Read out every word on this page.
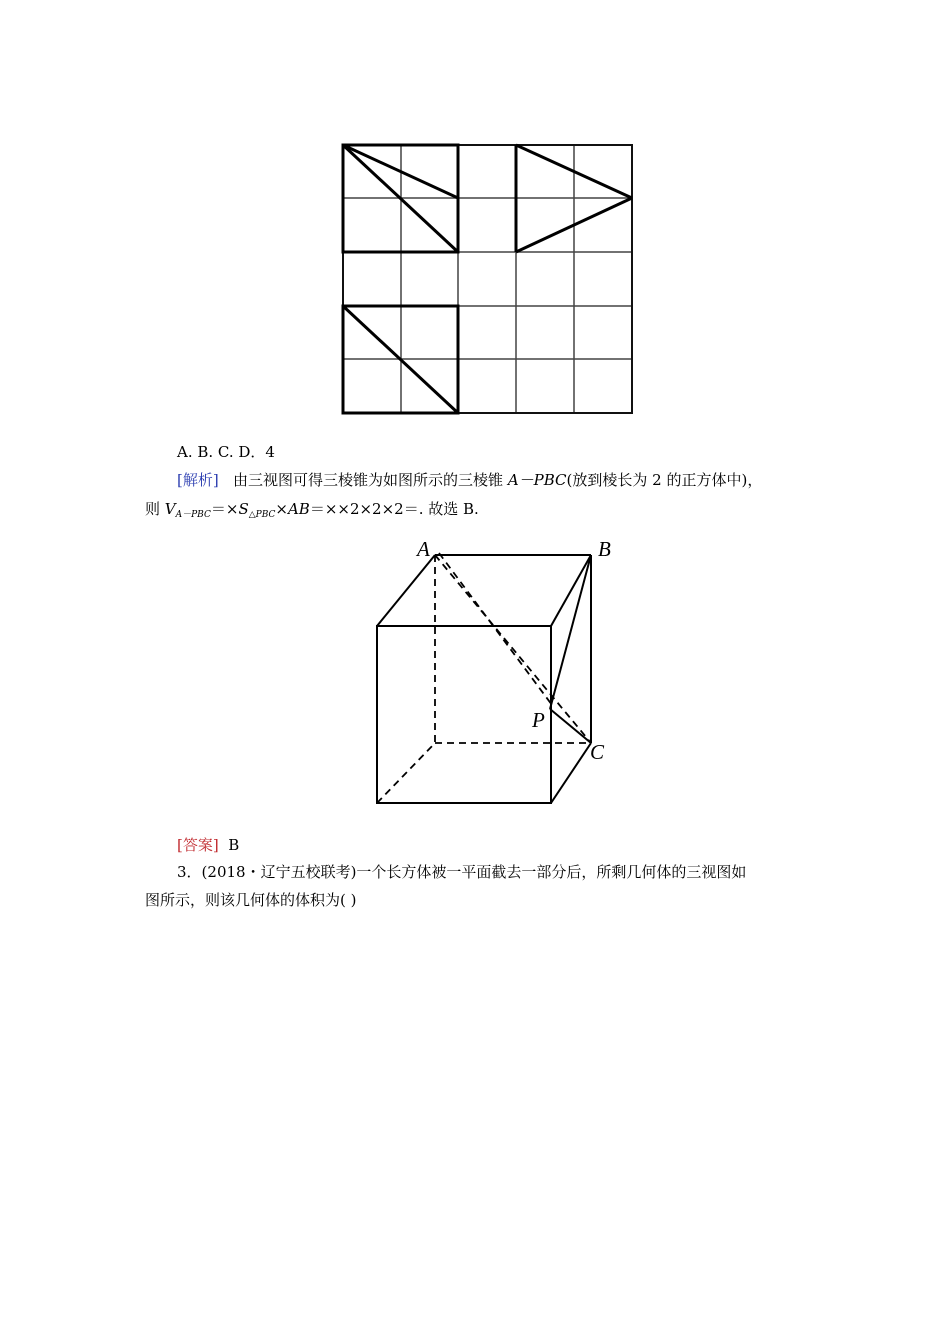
A. B. C. D．4
[解析] 由三视图可得三棱锥为如图所示的三棱锥 A－PBC(放到棱长为 2 的正方体中)，
则 $V_{A-PBC}=\times S_{\triangle PBC}\times AB=\times\times 2\times 2\times 2=$. 故选 B.
A	B
P
C
[答案] B
3．(2018・辽宁五校联考)一个长方体被一平面截去一部分后，所剩几何体的三视图如
图所示，则该几何体的体积为( )
